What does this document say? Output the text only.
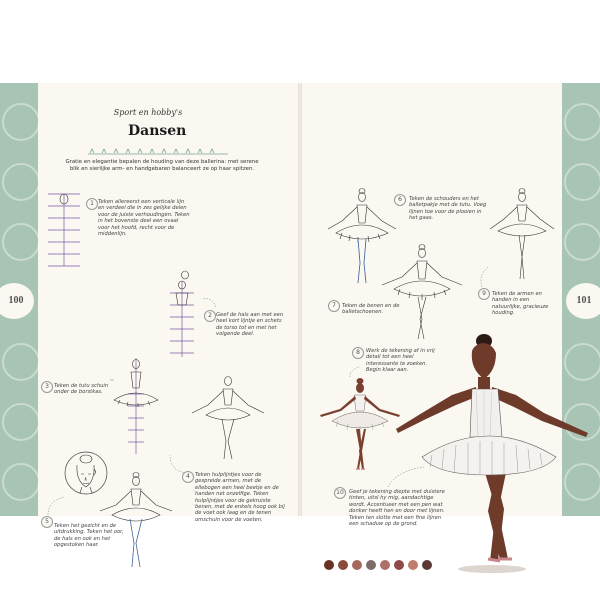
100	101
Sport en hobby's
Dansen
Gratie en elegantie bepalen de houding van deze ballerina: met serene blik en sierlijke arm- en handgebaren balanceert ze op haar spitzen.
1 Teken allereerst een verticale lijn en verdeel die in zes gelijke delen voor de juiste verhoudingen. Teken in het bovenste deel een ovaal voor het hoofd, recht voor de middenlijn.
2 Geef de hals aan met een heel kort lijntje en schets de torso tot en met het volgende deel.
3 Teken de tutu schuin onder de borstkas.
4 Teken hulplijntjes voor de gespreide armen, met de ellebogen een heel beetje en de handen net onzelfige. Teken hulplijntjes voor de gekruiste benen, met de enkels hoog ook bij de voet ook laag en de tenen omschuin voor de voeten.
5
Teken het gezicht en de uitdrukking. Teken het oor, de hals en ook en het opgestoken haar.
6	Teken de schouders en het balletpakje met de tutu. Voeg lijnen toe voor de plooien in het gaas.
7	Teken de benen en de balletschoenen.
9	Teken de armen en handen in een natuurlijke, gracieuze houding.
8	Werk de tekening af in vrij detail tot een heel interessante te zoeken. Begin klaar aan.
10 Geef je tekening diepte met duistere tinten, uitsl hy mig, aandachtige wordt. Accentueer met een pen wat donker heeft hen en door met lijnen. Teken ten slotte met een fine lijnen een schaduw op de grond.
